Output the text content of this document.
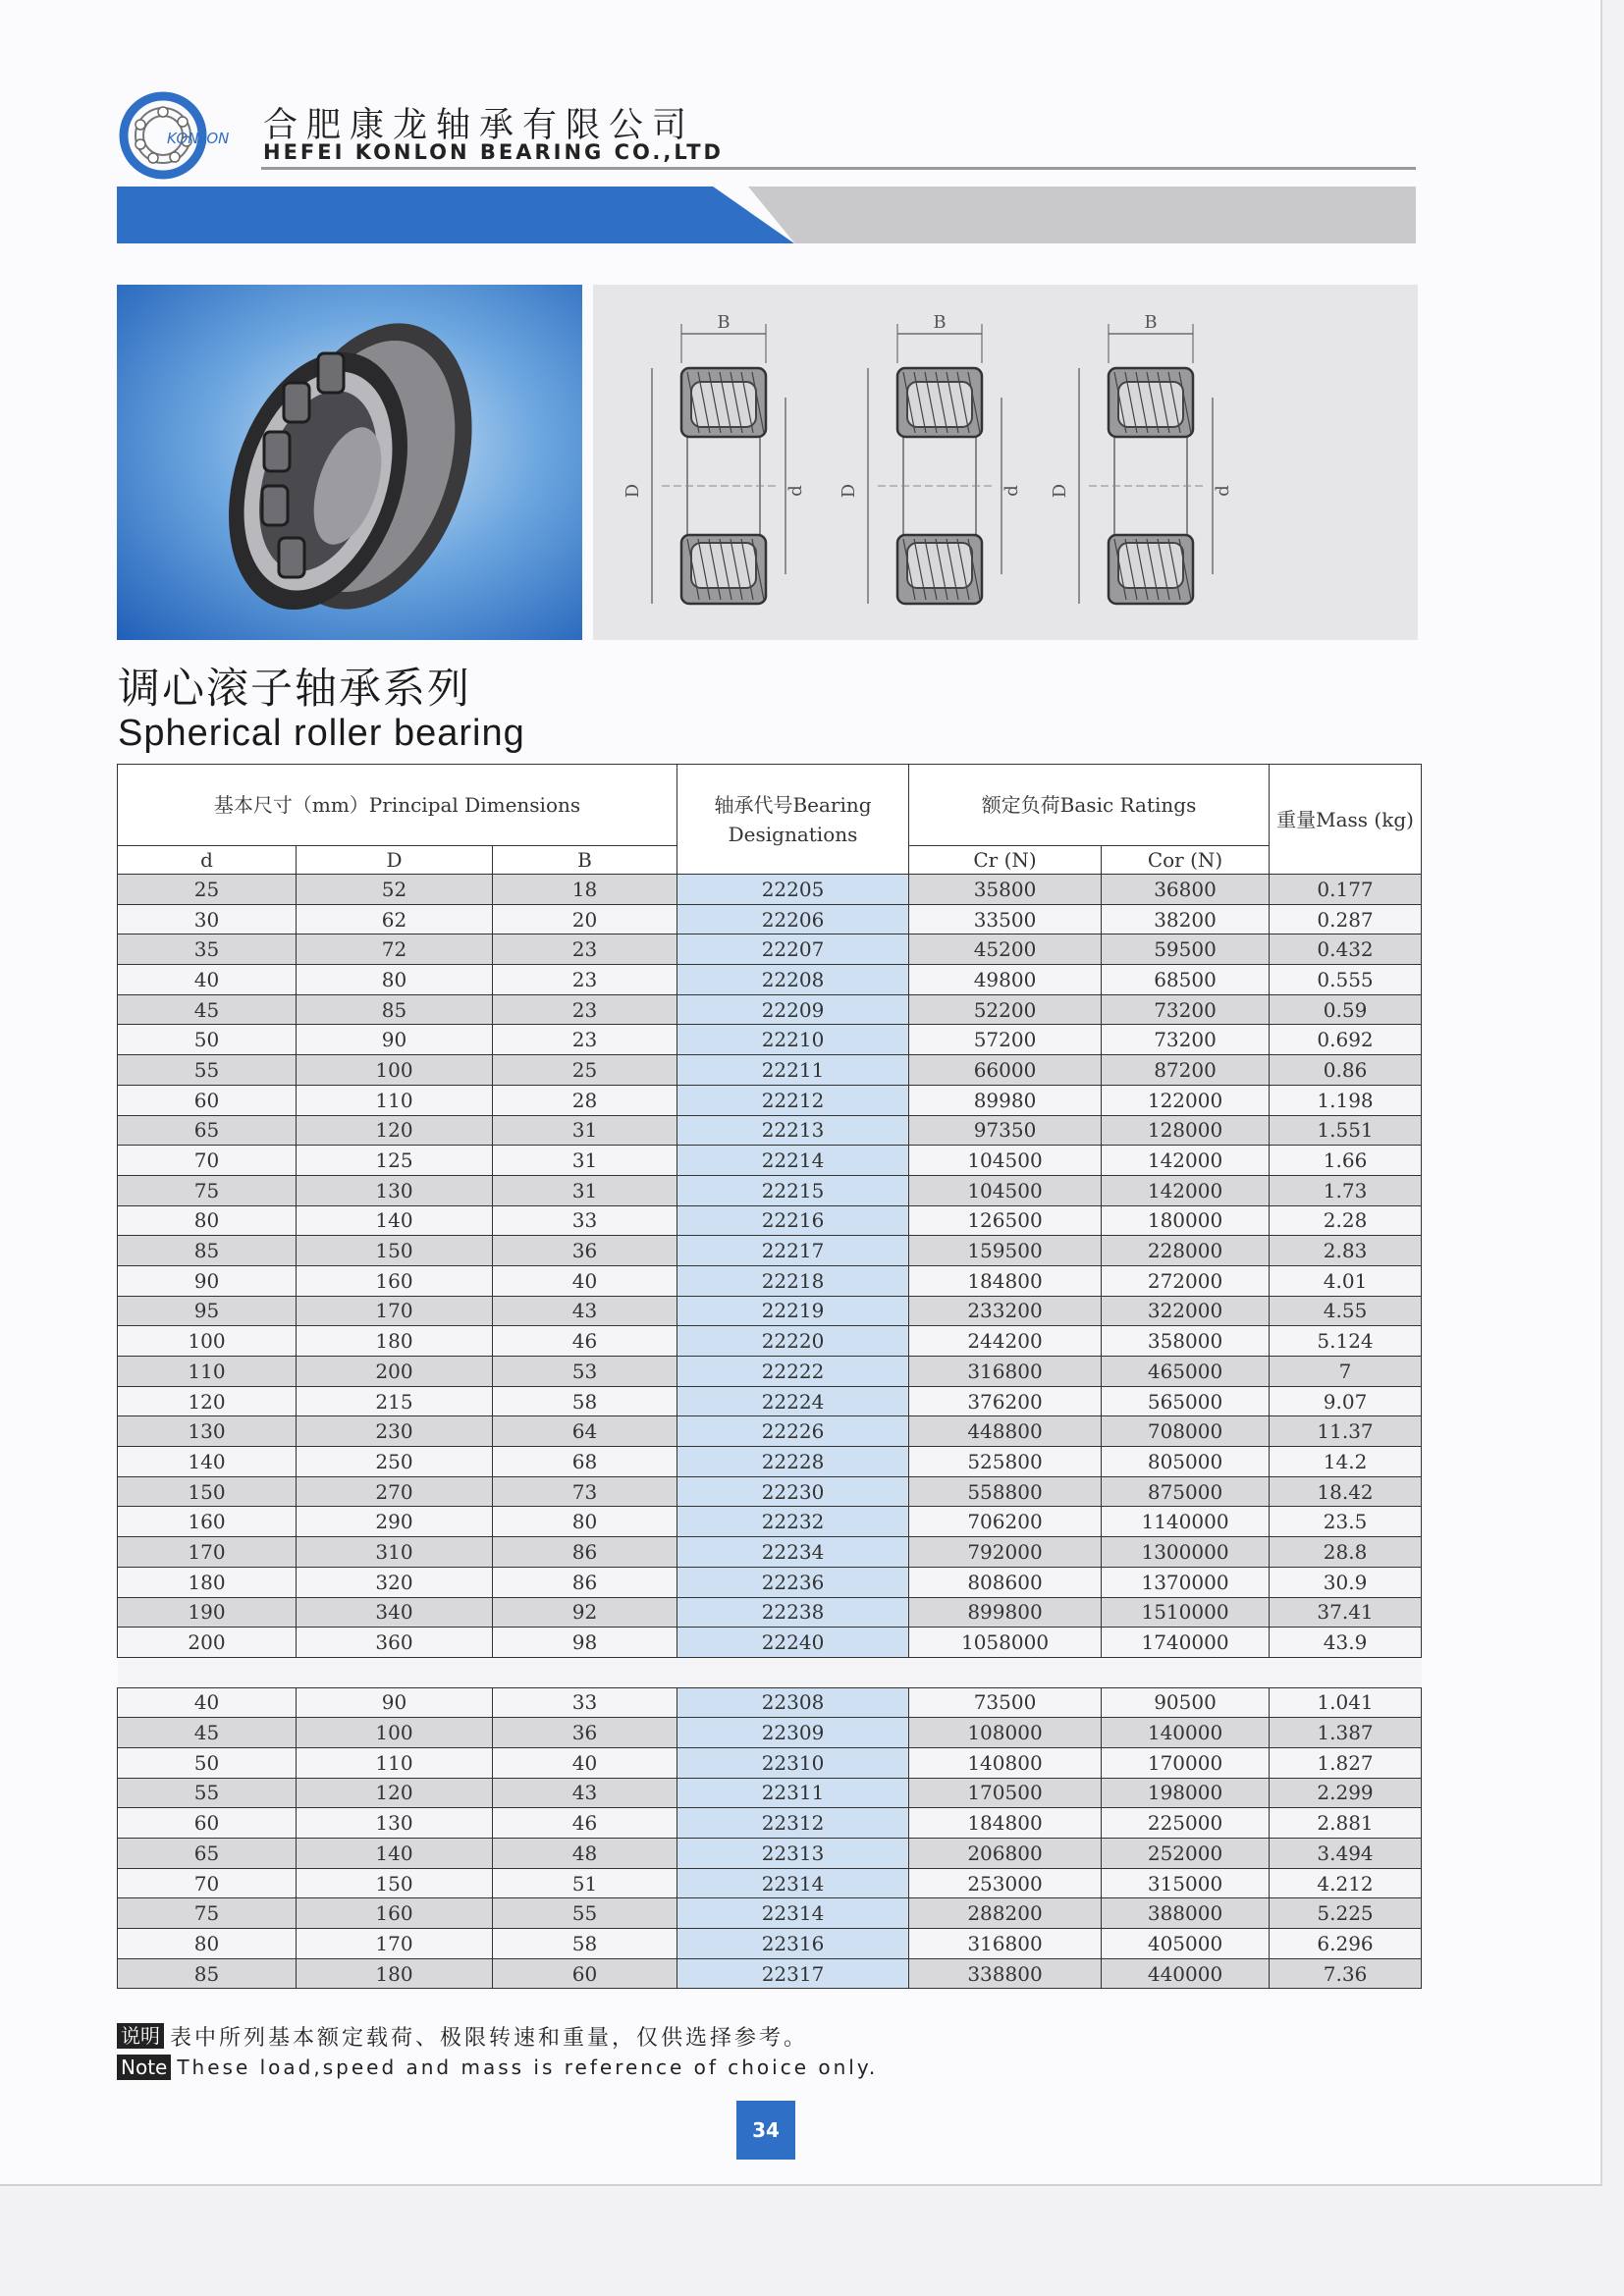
KONLON 合肥康龙轴承有限公司
HEFEI KONLON BEARING CO.,LTD
B
D	d
B
D	d
B
D	d
调心滚子轴承系列
Spherical roller bearing
基本尺寸（mm）Principal Dimensions			轴承代号Bearing Designations	额定负荷Basic Ratings		重量Mass (kg)
d	D	B		Cr (N)	Cor (N)	
25	52	18	22205	35800	36800	0.177
30	62	20	22206	33500	38200	0.287
35	72	23	22207	45200	59500	0.432
40	80	23	22208	49800	68500	0.555
45	85	23	22209	52200	73200	0.59
50	90	23	22210	57200	73200	0.692
55	100	25	22211	66000	87200	0.86
60	110	28	22212	89980	122000	1.198
65	120	31	22213	97350	128000	1.551
70	125	31	22214	104500	142000	1.66
75	130	31	22215	104500	142000	1.73
80	140	33	22216	126500	180000	2.28
85	150	36	22217	159500	228000	2.83
90	160	40	22218	184800	272000	4.01
95	170	43	22219	233200	322000	4.55
100	180	46	22220	244200	358000	5.124
110	200	53	22222	316800	465000	7
120	215	58	22224	376200	565000	9.07
130	230	64	22226	448800	708000	11.37
140	250	68	22228	525800	805000	14.2
150	270	73	22230	558800	875000	18.42
160	290	80	22232	706200	1140000	23.5
170	310	86	22234	792000	1300000	28.8
180	320	86	22236	808600	1370000	30.9
190	340	92	22238	899800	1510000	37.41
200	360	98	22240	1058000	1740000	43.9

40	90	33	22308	73500	90500	1.041
45	100	36	22309	108000	140000	1.387
50	110	40	22310	140800	170000	1.827
55	120	43	22311	170500	198000	2.299
60	130	46	22312	184800	225000	2.881
65	140	48	22313	206800	252000	3.494
70	150	51	22314	253000	315000	4.212
75	160	55	22314	288200	388000	5.225
80	170	58	22316	316800	405000	6.296
85	180	60	22317	338800	440000	7.36
说明 表中所列基本额定载荷、极限转速和重量，仅供选择参考。
Note These load,speed and mass is reference of choice only.
34
